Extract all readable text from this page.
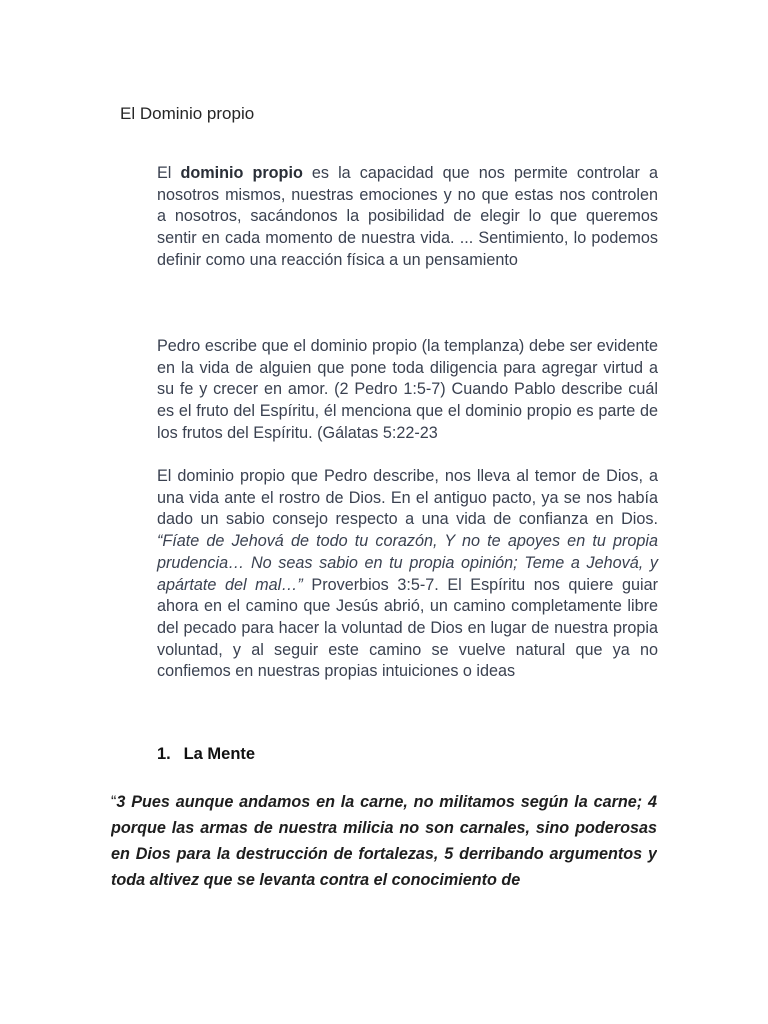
El Dominio propio

El dominio propio es la capacidad que nos permite controlar a nosotros mismos, nuestras emociones y no que estas nos controlen a nosotros, sacándonos la posibilidad de elegir lo que queremos sentir en cada momento de nuestra vida. ... Sentimiento, lo podemos definir como una reacción física a un pensamiento

Pedro escribe que el dominio propio (la templanza) debe ser evidente en la vida de alguien que pone toda diligencia para agregar virtud a su fe y crecer en amor. (2 Pedro 1:5-7) Cuando Pablo describe cuál es el fruto del Espíritu, él menciona que el dominio propio es parte de los frutos del Espíritu. (Gálatas 5:22-23

El dominio propio que Pedro describe, nos lleva al temor de Dios, a una vida ante el rostro de Dios. En el antiguo pacto, ya se nos había dado un sabio consejo respecto a una vida de confianza en Dios. “Fíate de Jehová de todo tu corazón, Y no te apoyes en tu propia prudencia… No seas sabio en tu propia opinión; Teme a Jehová, y apártate del mal…” Proverbios 3:5-7. El Espíritu nos quiere guiar ahora en el camino que Jesús abrió, un camino completamente libre del pecado para hacer la voluntad de Dios en lugar de nuestra propia voluntad, y al seguir este camino se vuelve natural que ya no confiemos en nuestras propias intuiciones o ideas

1. La Mente

“3 Pues aunque andamos en la carne, no militamos según la carne; 4 porque las armas de nuestra milicia no son carnales, sino poderosas en Dios para la destrucción de fortalezas, 5 derribando argumentos y toda altivez que se levanta contra el conocimiento de
